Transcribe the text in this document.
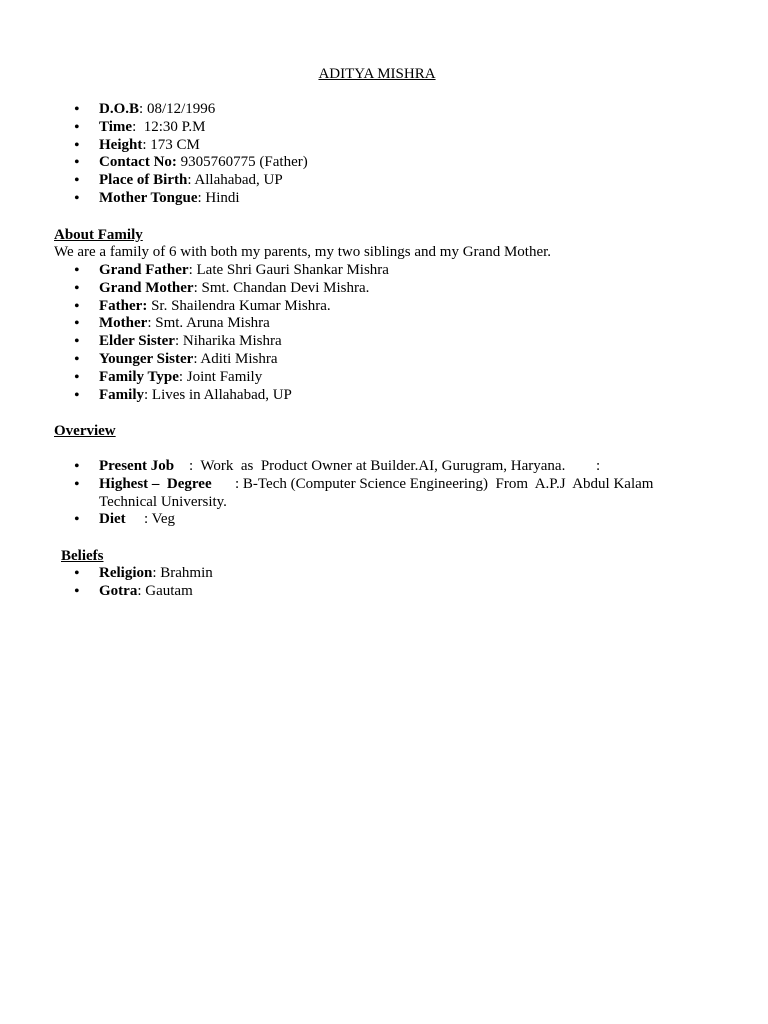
ADITYA MISHRA
• D.O.B: 08/12/1996
• Time:  12:30 P.M
• Height: 173 CM
• Contact No: 9305760775 (Father)
• Place of Birth: Allahabad, UP
• Mother Tongue: Hindi
About Family
We are a family of 6 with both my parents, my two siblings and my Grand Mother.
• Grand Father: Late Shri Gauri Shankar Mishra
• Grand Mother: Smt. Chandan Devi Mishra.
• Father: Sr. Shailendra Kumar Mishra.
• Mother: Smt. Aruna Mishra
• Elder Sister: Niharika Mishra
• Younger Sister: Aditi Mishra
• Family Type: Joint Family
• Family: Lives in Allahabad, UP
Overview
• Present Job :  Work  as  Product Owner at Builder.AI, Gurugram, Haryana. :
• Highest –  Degree : B-Tech (Computer Science Engineering)  From  A.P.J  Abdul Kalam
Technical University.
• Diet : Veg
Beliefs
• Religion: Brahmin
• Gotra: Gautam
